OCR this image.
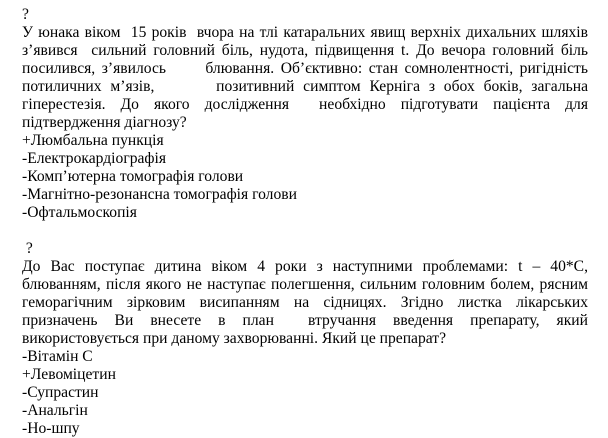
?
У юнака віком  15 років  вчора на тлі катаральних явищ верхніх дихальних шляхів з’явився  сильний головний біль, нудота, підвищення t. До вечора головний біль посилився, з’явилось      блювання. Об’єктивно: стан сомнолентності, ригідність потиличних м’язів,       позитивний симптом Керніга з обох боків, загальна гіперестезія. До якого дослідження  необхідно підготувати пацієнта для підтвердження діагнозу?
+Люмбальна пункція
-Електрокардіографія
-Комп’ютерна томографія голови
-Магнітно-резонансна томографія голови
-Офтальмоскопія
?
До Вас поступає дитина віком 4 роки з наступними проблемами: t – 40*С, блюванням, після якого не наступає полегшення, сильним головним болем, рясним геморагічним зірковим висипанням на сідницях. Згідно листка лікарських призначень Ви внесете в план  втручання введення препарату, який використовується при даному захворюванні. Який це препарат?
-Вітамін С
+Левоміцетин
-Супрастин
-Анальгін
-Но-шпу
